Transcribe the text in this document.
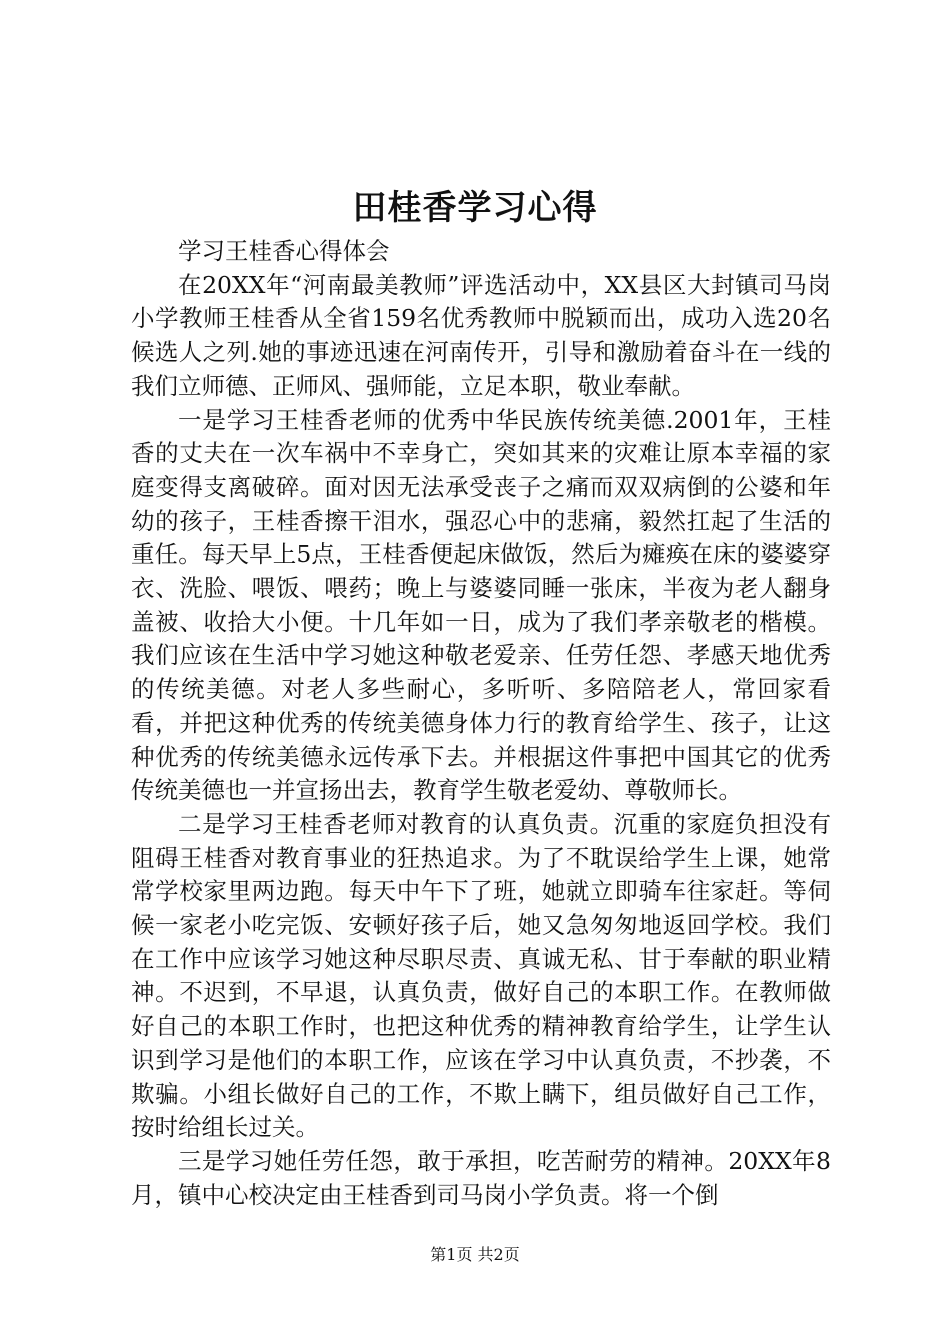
田桂香学习心得

学习王桂香心得体会

在20XX年“河南最美教师”评选活动中，XX县区大封镇司马岗小学教师王桂香从全省159名优秀教师中脱颖而出，成功入选20名候选人之列.她的事迹迅速在河南传开，引导和激励着奋斗在一线的我们立师德、正师风、强师能，立足本职，敬业奉献。

一是学习王桂香老师的优秀中华民族传统美德.2001年，王桂香的丈夫在一次车祸中不幸身亡，突如其来的灾难让原本幸福的家庭变得支离破碎。面对因无法承受丧子之痛而双双病倒的公婆和年幼的孩子，王桂香擦干泪水，强忍心中的悲痛，毅然扛起了生活的重任。每天早上5点，王桂香便起床做饭，然后为瘫痪在床的婆婆穿衣、洗脸、喂饭、喂药；晚上与婆婆同睡一张床，半夜为老人翻身盖被、收拾大小便。十几年如一日，成为了我们孝亲敬老的楷模。我们应该在生活中学习她这种敬老爱亲、任劳任怨、孝感天地优秀的传统美德。对老人多些耐心，多听听、多陪陪老人，常回家看看，并把这种优秀的传统美德身体力行的教育给学生、孩子，让这种优秀的传统美德永远传承下去。并根据这件事把中国其它的优秀传统美德也一并宣扬出去，教育学生敬老爱幼、尊敬师长。

二是学习王桂香老师对教育的认真负责。沉重的家庭负担没有阻碍王桂香对教育事业的狂热追求。为了不耽误给学生上课，她常常学校家里两边跑。每天中午下了班，她就立即骑车往家赶。等伺候一家老小吃完饭、安顿好孩子后，她又急匆匆地返回学校。我们在工作中应该学习她这种尽职尽责、真诚无私、甘于奉献的职业精神。不迟到，不早退，认真负责，做好自己的本职工作。在教师做好自己的本职工作时，也把这种优秀的精神教育给学生，让学生认识到学习是他们的本职工作，应该在学习中认真负责，不抄袭，不欺骗。小组长做好自己的工作，不欺上瞒下，组员做好自己工作，按时给组长过关。

三是学习她任劳任怨，敢于承担，吃苦耐劳的精神。20XX年8月，镇中心校决定由王桂香到司马岗小学负责。将一个倒

第1页 共2页
